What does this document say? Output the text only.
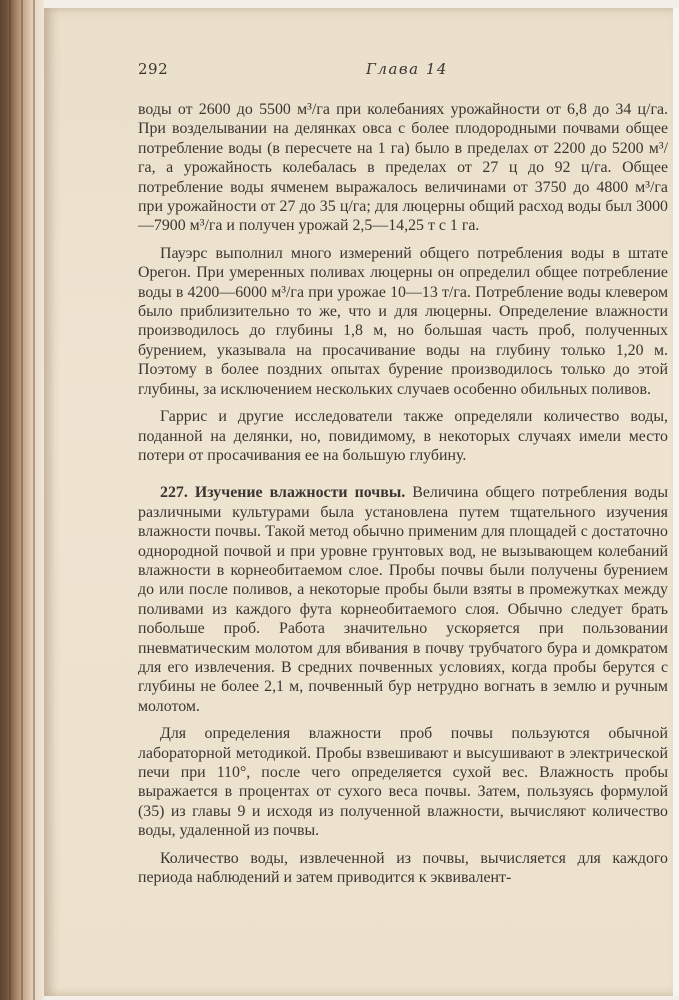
292	Глава 14

воды от 2600 до 5500 м³/га при колебаниях урожайности от 6,8 до 34 ц/га. При возделывании на делянках овса с более плодородными почвами общее потребление воды (в пересчете на 1 га) было в пределах от 2200 до 5200 м³/га, а урожайность колебалась в пределах от 27 ц до 92 ц/га. Общее потребление воды ячменем выражалось величинами от 3750 до 4800 м³/га при урожайности от 27 до 35 ц/га; для люцерны общий расход воды был 3000—7900 м³/га и получен урожай 2,5—14,25 т с 1 га.

Пауэрс выполнил много измерений общего потребления воды в штате Орегон. При умеренных поливах люцерны он определил общее потребление воды в 4200—6000 м³/га при урожае 10—13 т/га. Потребление воды клевером было приблизительно то же, что и для люцерны. Определение влажности производилось до глубины 1,8 м, но большая часть проб, полученных бурением, указывала на просачивание воды на глубину только 1,20 м. Поэтому в более поздних опытах бурение производилось только до этой глубины, за исключением нескольких случаев особенно обильных поливов.

Гаррис и другие исследователи также определяли количество воды, поданной на делянки, но, повидимому, в некоторых случаях имели место потери от просачивания ее на большую глубину.

227. Изучение влажности почвы. Величина общего потребления воды различными культурами была установлена путем тщательного изучения влажности почвы. Такой метод обычно применим для площадей с достаточно однородной почвой и при уровне грунтовых вод, не вызывающем колебаний влажности в корнеобитаемом слое. Пробы почвы были получены бурением до или после поливов, а некоторые пробы были взяты в промежутках между поливами из каждого фута корнеобитаемого слоя. Обычно следует брать побольше проб. Работа значительно ускоряется при пользовании пневматическим молотом для вбивания в почву трубчатого бура и домкратом для его извлечения. В средних почвенных условиях, когда пробы берутся с глубины не более 2,1 м, почвенный бур нетрудно вогнать в землю и ручным молотом.

Для определения влажности проб почвы пользуются обычной лабораторной методикой. Пробы взвешивают и высушивают в электрической печи при 110°, после чего определяется сухой вес. Влажность пробы выражается в процентах от сухого веса почвы. Затем, пользуясь формулой (35) из главы 9 и исходя из полученной влажности, вычисляют количество воды, удаленной из почвы.

Количество воды, извлеченной из почвы, вычисляется для каждого периода наблюдений и затем приводится к эквивалент-
